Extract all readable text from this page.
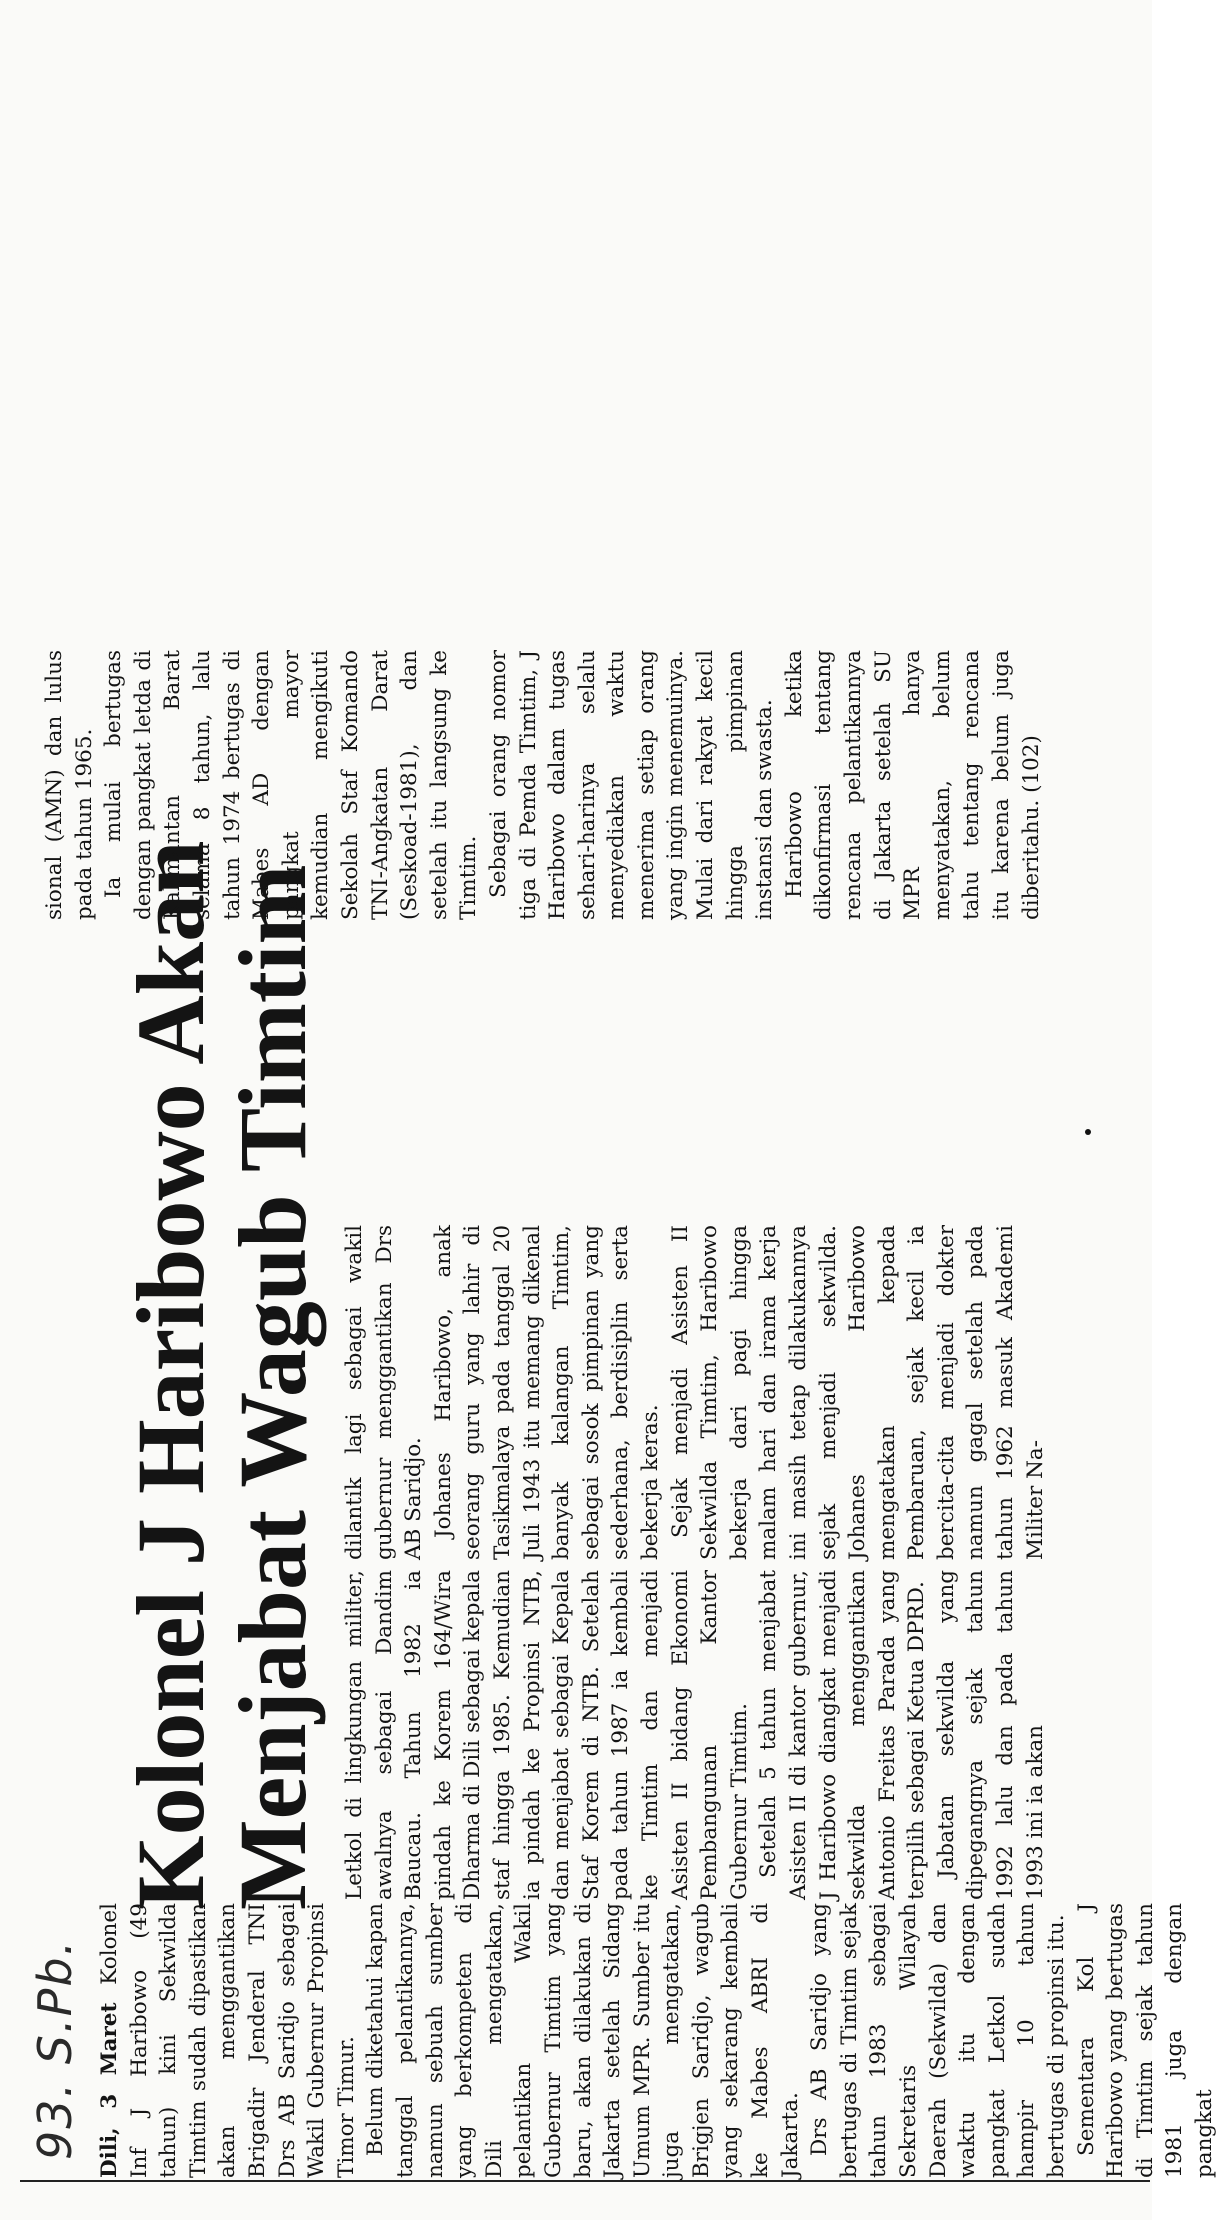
93. S.Pb.
Kolonel J Haribowo Akan
Menjabat Wagub Timtim

Dili, 3 Maret Kolonel Inf J Haribowo (49 tahun) kini Sekwilda Timtim sudah dipastikan akan menggantikan Brigadir Jenderal TNI Drs AB Saridjo sebagai Wakil Gubernur Propinsi Timor Timur. Belum diketahui kapan tanggal pelantikannya, namun sebuah sumber yang berkompeten di Dili mengatakan, pelantikan Wakil Gubernur Timtim yang baru, akan dilakukan di Jakarta setelah Sidang Umum MPR. Sumber itu juga mengatakan, Brigjen Saridjo, wagub yang sekarang kembali ke Mabes ABRI di Jakarta. Drs AB Saridjo yang bertugas di Timtim sejak tahun 1983 sebagai Sekretaris Wilayah Daerah (Sekwilda) dan waktu itu dengan pangkat Letkol sudah hampir 10 tahun bertugas di propinsi itu. Sementara Kol J Haribowo yang bertugas di Timtim sejak tahun 1981 juga dengan pangkat

Letkol di lingkungan militer, awalnya sebagai Dandim Baucau. Tahun 1982 ia pindah ke Korem 164/Wira Dharma di Dili sebagai kepala staf hingga 1985. Kemudian ia pindah ke Propinsi NTB, dan menjabat sebagai Kepala Staf Korem di NTB. Setelah pada tahun 1987 ia kembali ke Timtim dan menjadi Asisten II bidang Ekonomi Pembangunan Kantor Gubernur Timtim. Setelah 5 tahun menjabat Asisten II di kantor gubernur, J Haribowo diangkat menjadi sekwilda menggantikan Antonio Freitas Parada yang terpilih sebagai Ketua DPRD. Jabatan sekwilda yang dipegangnya sejak tahun 1992 lalu dan pada tahun 1993 ini ia akan

dilantik lagi sebagai wakil gubernur menggantikan Drs AB Saridjo. Johanes Haribowo, anak seorang guru yang lahir di Tasikmalaya pada tanggal 20 Juli 1943 itu memang dikenal banyak kalangan Timtim, sebagai sosok pimpinan yang sederhana, berdisiplin serta bekerja keras. Sejak menjadi Asisten II Sekwilda Timtim, Haribowo bekerja dari pagi hingga malam hari dan irama kerja ini masih tetap dilakukannya sejak menjadi sekwilda. Johanes Haribowo mengatakan kepada Pembaruan, sejak kecil ia bercita-cita menjadi dokter namun gagal setelah pada tahun 1962 masuk Akademi Militer Na-

sional (AMN) dan lulus pada tahun 1965. Ia mulai bertugas dengan pangkat letda di Kalimantan Barat selama 8 tahun, lalu tahun 1974 bertugas di Mabes AD dengan pangkat mayor kemudian mengikuti Sekolah Staf Komando TNI-Angkatan Darat (Seskoad-1981), dan setelah itu langsung ke Timtim. Sebagai orang nomor tiga di Pemda Timtim, J Haribowo dalam tugas sehari-harinya selalu menyediakan waktu menerima setiap orang yang ingin menemuinya. Mulai dari rakyat kecil hingga pimpinan instansi dan swasta. Haribowo ketika dikonfirmasi tentang rencana pelantikannya di Jakarta setelah SU MPR hanya menyatakan, belum tahu tentang rencana itu karena belum juga diberitahu. (102)
